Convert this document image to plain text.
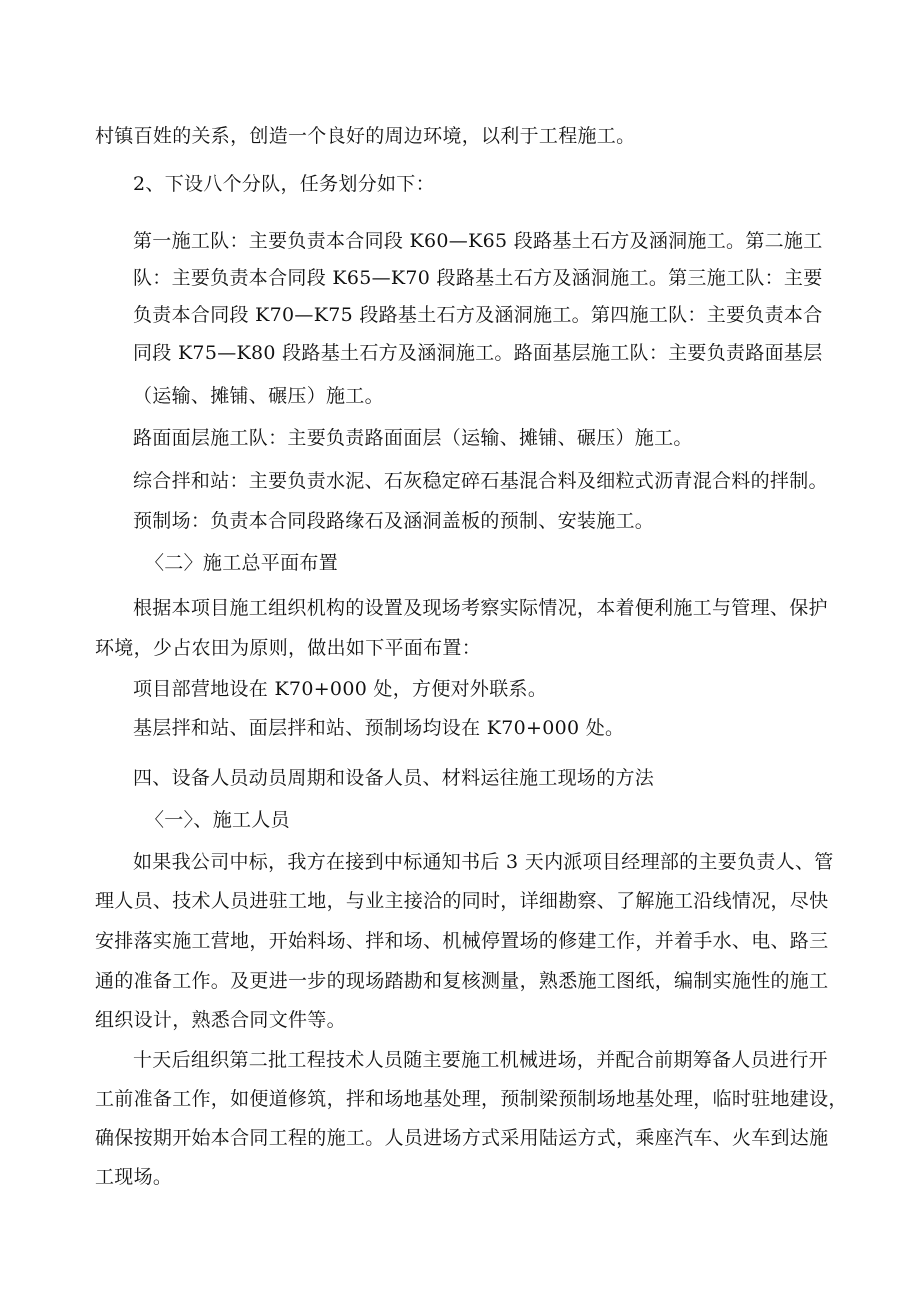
村镇百姓的关系，创造一个良好的周边环境，以利于工程施工。
2、下设八个分队，任务划分如下：
第一施工队：主要负责本合同段 K60—K65 段路基土石方及涵洞施工。第二施工
队：主要负责本合同段 K65—K70 段路基土石方及涵洞施工。第三施工队：主要
负责本合同段 K70—K75 段路基土石方及涵洞施工。第四施工队：主要负责本合
同段 K75—K80 段路基土石方及涵洞施工。路面基层施工队：主要负责路面基层
（运输、摊铺、碾压）施工。
路面面层施工队：主要负责路面面层（运输、摊铺、碾压）施工。
综合拌和站：主要负责水泥、石灰稳定碎石基混合料及细粒式沥青混合料的拌制。
预制场：负责本合同段路缘石及涵洞盖板的预制、安装施工。
〈二〉施工总平面布置
根据本项目施工组织机构的设置及现场考察实际情况，本着便利施工与管理、保护
环境，少占农田为原则，做出如下平面布置：
项目部营地设在 K70+000 处，方便对外联系。
基层拌和站、面层拌和站、预制场均设在 K70+000 处。
四、设备人员动员周期和设备人员、材料运往施工现场的方法
〈一〉、施工人员
如果我公司中标，我方在接到中标通知书后 3 天内派项目经理部的主要负责人、管
理人员、技术人员进驻工地，与业主接洽的同时，详细勘察、了解施工沿线情况，尽快
安排落实施工营地，开始料场、拌和场、机械停置场的修建工作，并着手水、电、路三
通的准备工作。及更进一步的现场踏勘和复核测量，熟悉施工图纸，编制实施性的施工
组织设计，熟悉合同文件等。
十天后组织第二批工程技术人员随主要施工机械进场，并配合前期筹备人员进行开
工前准备工作，如便道修筑，拌和场地基处理，预制梁预制场地基处理，临时驻地建设，
确保按期开始本合同工程的施工。人员进场方式采用陆运方式，乘座汽车、火车到达施
工现场。
